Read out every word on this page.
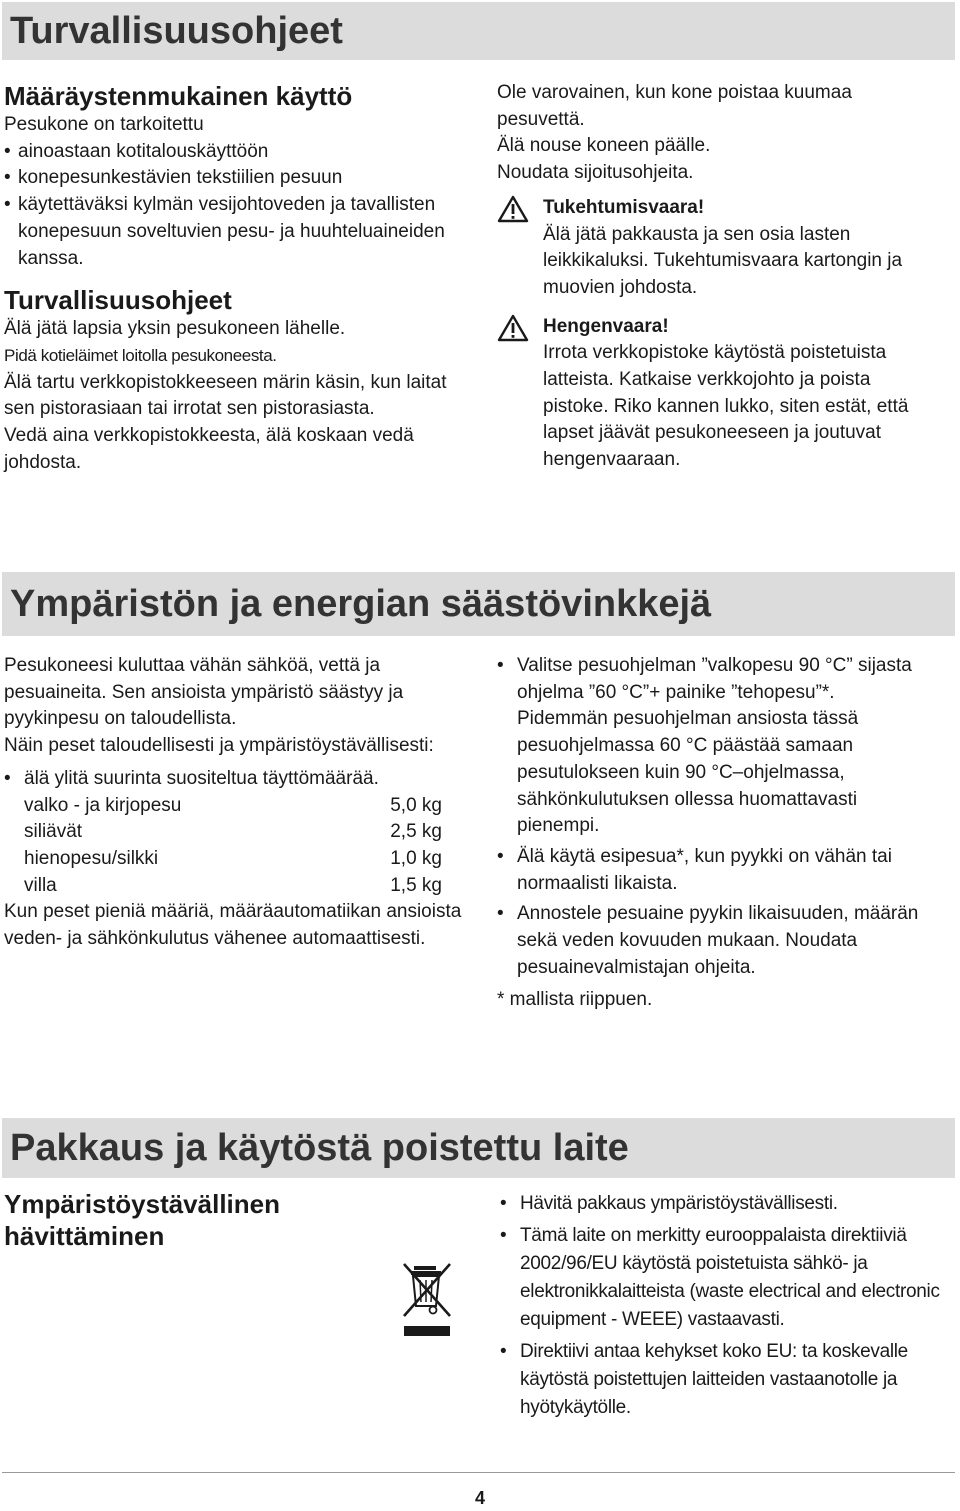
Turvallisuusohjeet

Määräystenmukainen käyttö

Pesukone on tarkoitettu

• ainoastaan kotitalouskäyttöön

• konepesunkestävien tekstiilien pesuun

• käytettäväksi kylmän vesijohtoveden ja tavallisten konepesuun soveltuvien pesu- ja huuhteluaineiden kanssa.

Turvallisuusohjeet

Älä jätä lapsia yksin pesukoneen lähelle.

Pidä kotieläimet loitolla pesukoneesta.

Älä tartu verkkopistokkeeseen märin käsin, kun laitat sen pistorasiaan tai irrotat sen pistorasiasta.

Vedä aina verkkopistokkeesta, älä koskaan vedä johdosta.

Ole varovainen, kun kone poistaa kuumaa pesuvettä.

Älä nouse koneen päälle.

Noudata sijoitusohjeita.

Tukehtumisvaara!
Älä jätä pakkausta ja sen osia lasten leikkikaluksi. Tukehtumisvaara kartongin ja muovien johdosta.
Hengenvaara!
Irrota verkkopistoke käytöstä poistetuista latteista. Katkaise verkkojohto ja poista pistoke. Riko kannen lukko, siten estät, että lapset jäävät pesukoneeseen ja joutuvat hengenvaaraan.
Ympäristön ja energian säästövinkkejä

Pesukoneesi kuluttaa vähän sähköä, vettä ja pesuaineita. Sen ansioista ympäristö säästyy ja pyykinpesu on taloudellista.

Näin peset taloudellisesti ja ympäristöystävällisesti:

• älä ylitä suurinta suositeltua täyttömäärää.

valko - ja kirjopesu	5,0 kg
siliävät	2,5 kg
hienopesu/silkki	1,0 kg
villa	1,5 kg

Kun peset pieniä määriä, määräautomatiikan ansioista veden- ja sähkönkulutus vähenee automaattisesti.

• Valitse pesuohjelman ”valkopesu 90 °C” sijasta ohjelma ”60 °C”+ painike ”tehopesu”*. Pidemmän pesuohjelman ansiosta tässä pesuohjelmassa 60 °C päästää samaan pesutulokseen kuin 90 °C–ohjelmassa, sähkönkulutuksen ollessa huomattavasti pienempi.

• Älä käytä esipesua*, kun pyykki on vähän tai normaalisti likaista.

• Annostele pesuaine pyykin likaisuuden, määrän sekä veden kovuuden mukaan. Noudata pesuainevalmistajan ohjeita.

* mallista riippuen.

Pakkaus ja käytöstä poistettu laite

Ympäristöystävällinen hävittäminen

• Hävitä pakkaus ympäristöystävällisesti.

• Tämä laite on merkitty eurooppalaista direktiiviä 2002/96/EU käytöstä poistetuista sähkö- ja elektronikkalaitteista (waste electrical and electronic equipment - WEEE) vastaavasti.

• Direktiivi antaa kehykset koko EU: ta koskevalle käytöstä poistettujen laitteiden vastaanotolle ja hyötykäytölle.

4
